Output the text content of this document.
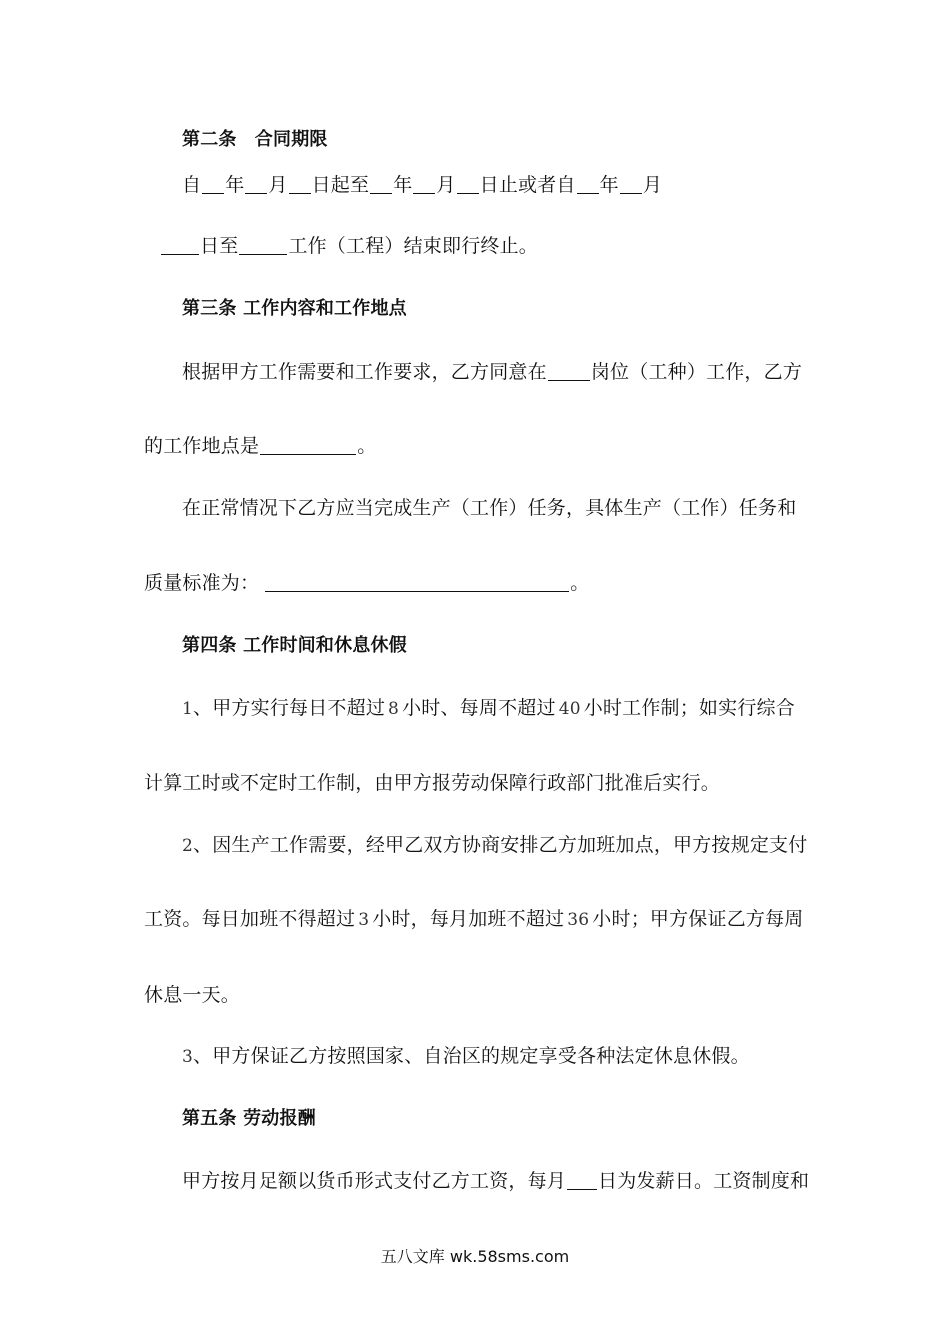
第二条　合同期限
自 年 月 日起至 年 月 日止或者自 年 月
日至	工作（工程）结束即行终止。
第三条 工作内容和工作地点
根据甲方工作需要和工作要求，乙方同意在 岗位（工种）工作，乙方
的工作地点是	。
在正常情况下乙方应当完成生产（工作）任务，具体生产（工作）任务和
质量标准为：	。
第四条 工作时间和休息休假
1、甲方实行每日不超过 8 小时、每周不超过 40 小时工作制；如实行综合
计算工时或不定时工作制，由甲方报劳动保障行政部门批准后实行。
2、因生产工作需要，经甲乙双方协商安排乙方加班加点，甲方按规定支付
工资。每日加班不得超过 3 小时，每月加班不超过 36 小时；甲方保证乙方每周
休息一天。
3、甲方保证乙方按照国家、自治区的规定享受各种法定休息休假。
第五条 劳动报酬
甲方按月足额以货币形式支付乙方工资，每月 日为发薪日。工资制度和
五八文库 wk.58sms.com
